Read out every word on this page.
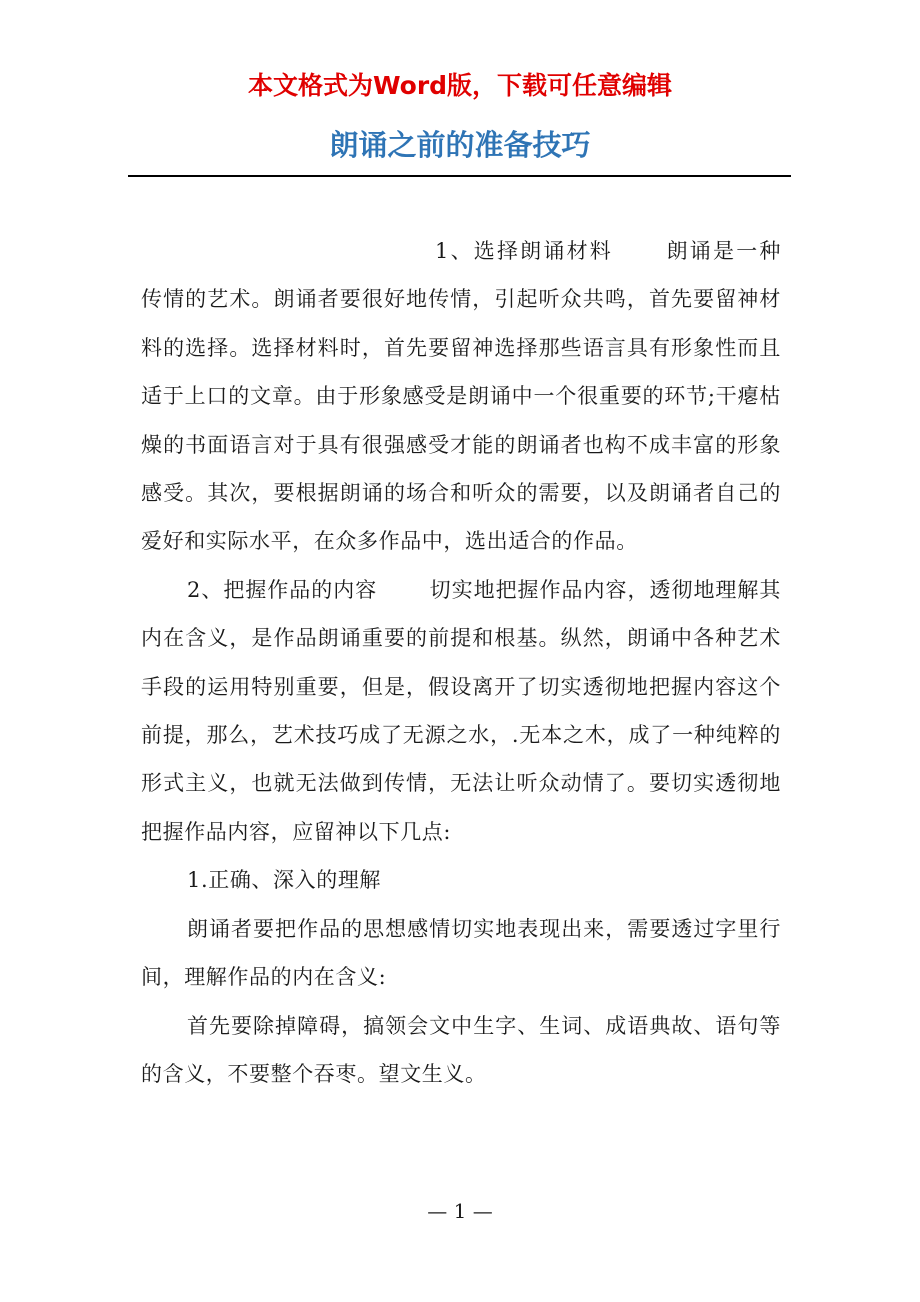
本文格式为Word版，下载可任意编辑
朗诵之前的准备技巧

1、选择朗诵材料 朗诵是一种传情的艺术。朗诵者要很好地传情，引起听众共鸣，首先要留神材料的选择。选择材料时，首先要留神选择那些语言具有形象性而且适于上口的文章。由于形象感受是朗诵中一个很重要的环节;干瘪枯燥的书面语言对于具有很强感受才能的朗诵者也构不成丰富的形象感受。其次，要根据朗诵的场合和听众的需要，以及朗诵者自己的爱好和实际水平，在众多作品中，选出适合的作品。

2、把握作品的内容 切实地把握作品内容，透彻地理解其内在含义，是作品朗诵重要的前提和根基。纵然，朗诵中各种艺术手段的运用特别重要，但是，假设离开了切实透彻地把握内容这个前提，那么，艺术技巧成了无源之水，.无本之木，成了一种纯粹的形式主义，也就无法做到传情，无法让听众动情了。要切实透彻地把握作品内容，应留神以下几点:

1.正确、深入的理解

朗诵者要把作品的思想感情切实地表现出来，需要透过字里行间，理解作品的内在含义:

首先要除掉障碍，搞领会文中生字、生词、成语典故、语句等的含义，不要整个吞枣。望文生义。

— 1 —
